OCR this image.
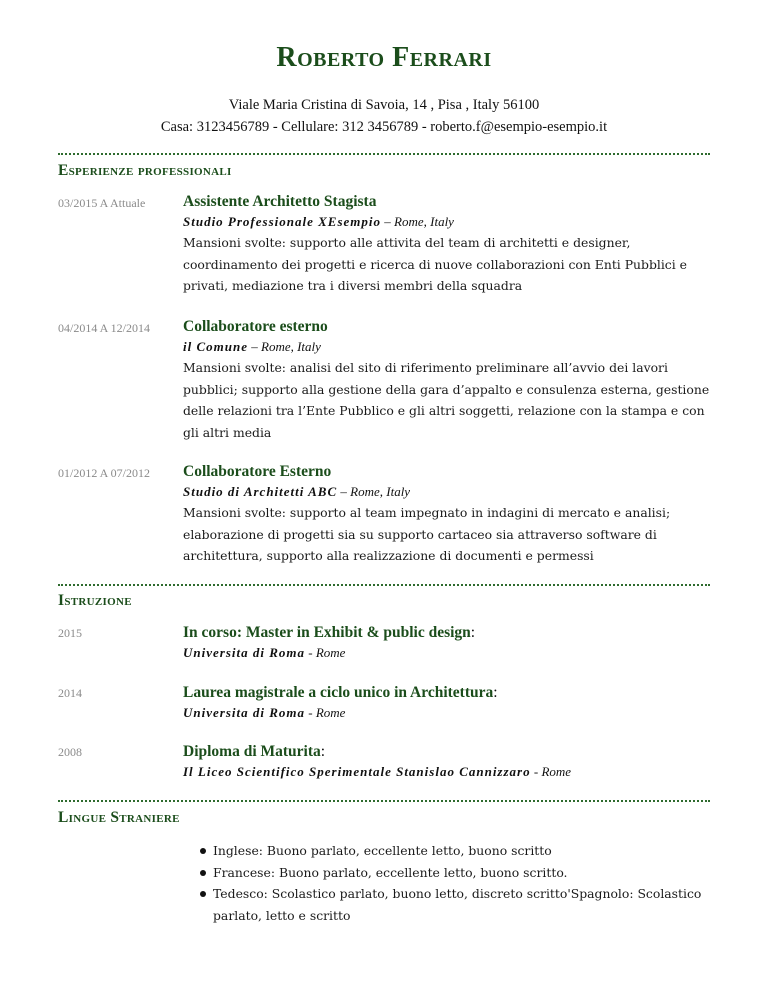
Roberto Ferrari
Viale Maria Cristina di Savoia, 14 , Pisa , Italy 56100
Casa: 3123456789 - Cellulare: 312 3456789 - roberto.f@esempio-esempio.it
Esperienze professionali
03/2015 A Attuale Assistente Architetto Stagista
Studio Professionale XEsempio – Rome, Italy
Mansioni svolte: supporto alle attivita del team di architetti e designer, coordinamento dei progetti e ricerca di nuove collaborazioni con Enti Pubblici e privati, mediazione tra i diversi membri della squadra
04/2014 A 12/2014 Collaboratore esterno
il Comune – Rome, Italy
Mansioni svolte: analisi del sito di riferimento preliminare all’avvio dei lavori pubblici; supporto alla gestione della gara d’appalto e consulenza esterna, gestione delle relazioni tra l’Ente Pubblico e gli altri soggetti, relazione con la stampa e con gli altri media
01/2012 A 07/2012 Collaboratore Esterno
Studio di Architetti ABC – Rome, Italy
Mansioni svolte: supporto al team impegnato in indagini di mercato e analisi; elaborazione di progetti sia su supporto cartaceo sia attraverso software di architettura, supporto alla realizzazione di documenti e permessi
Istruzione
2015	In corso: Master in Exhibit & public design:
Universita di Roma - Rome
2014	Laurea magistrale a ciclo unico in Architettura:
Universita di Roma - Rome
2008	Diploma di Maturita:
Il Liceo Scientifico Sperimentale Stanislao Cannizzaro - Rome
Lingue Straniere
Inglese: Buono parlato, eccellente letto, buono scritto
Francese: Buono parlato, eccellente letto, buono scritto.
Tedesco: Scolastico parlato, buono letto, discreto scritto'Spagnolo: Scolastico parlato, letto e scritto
